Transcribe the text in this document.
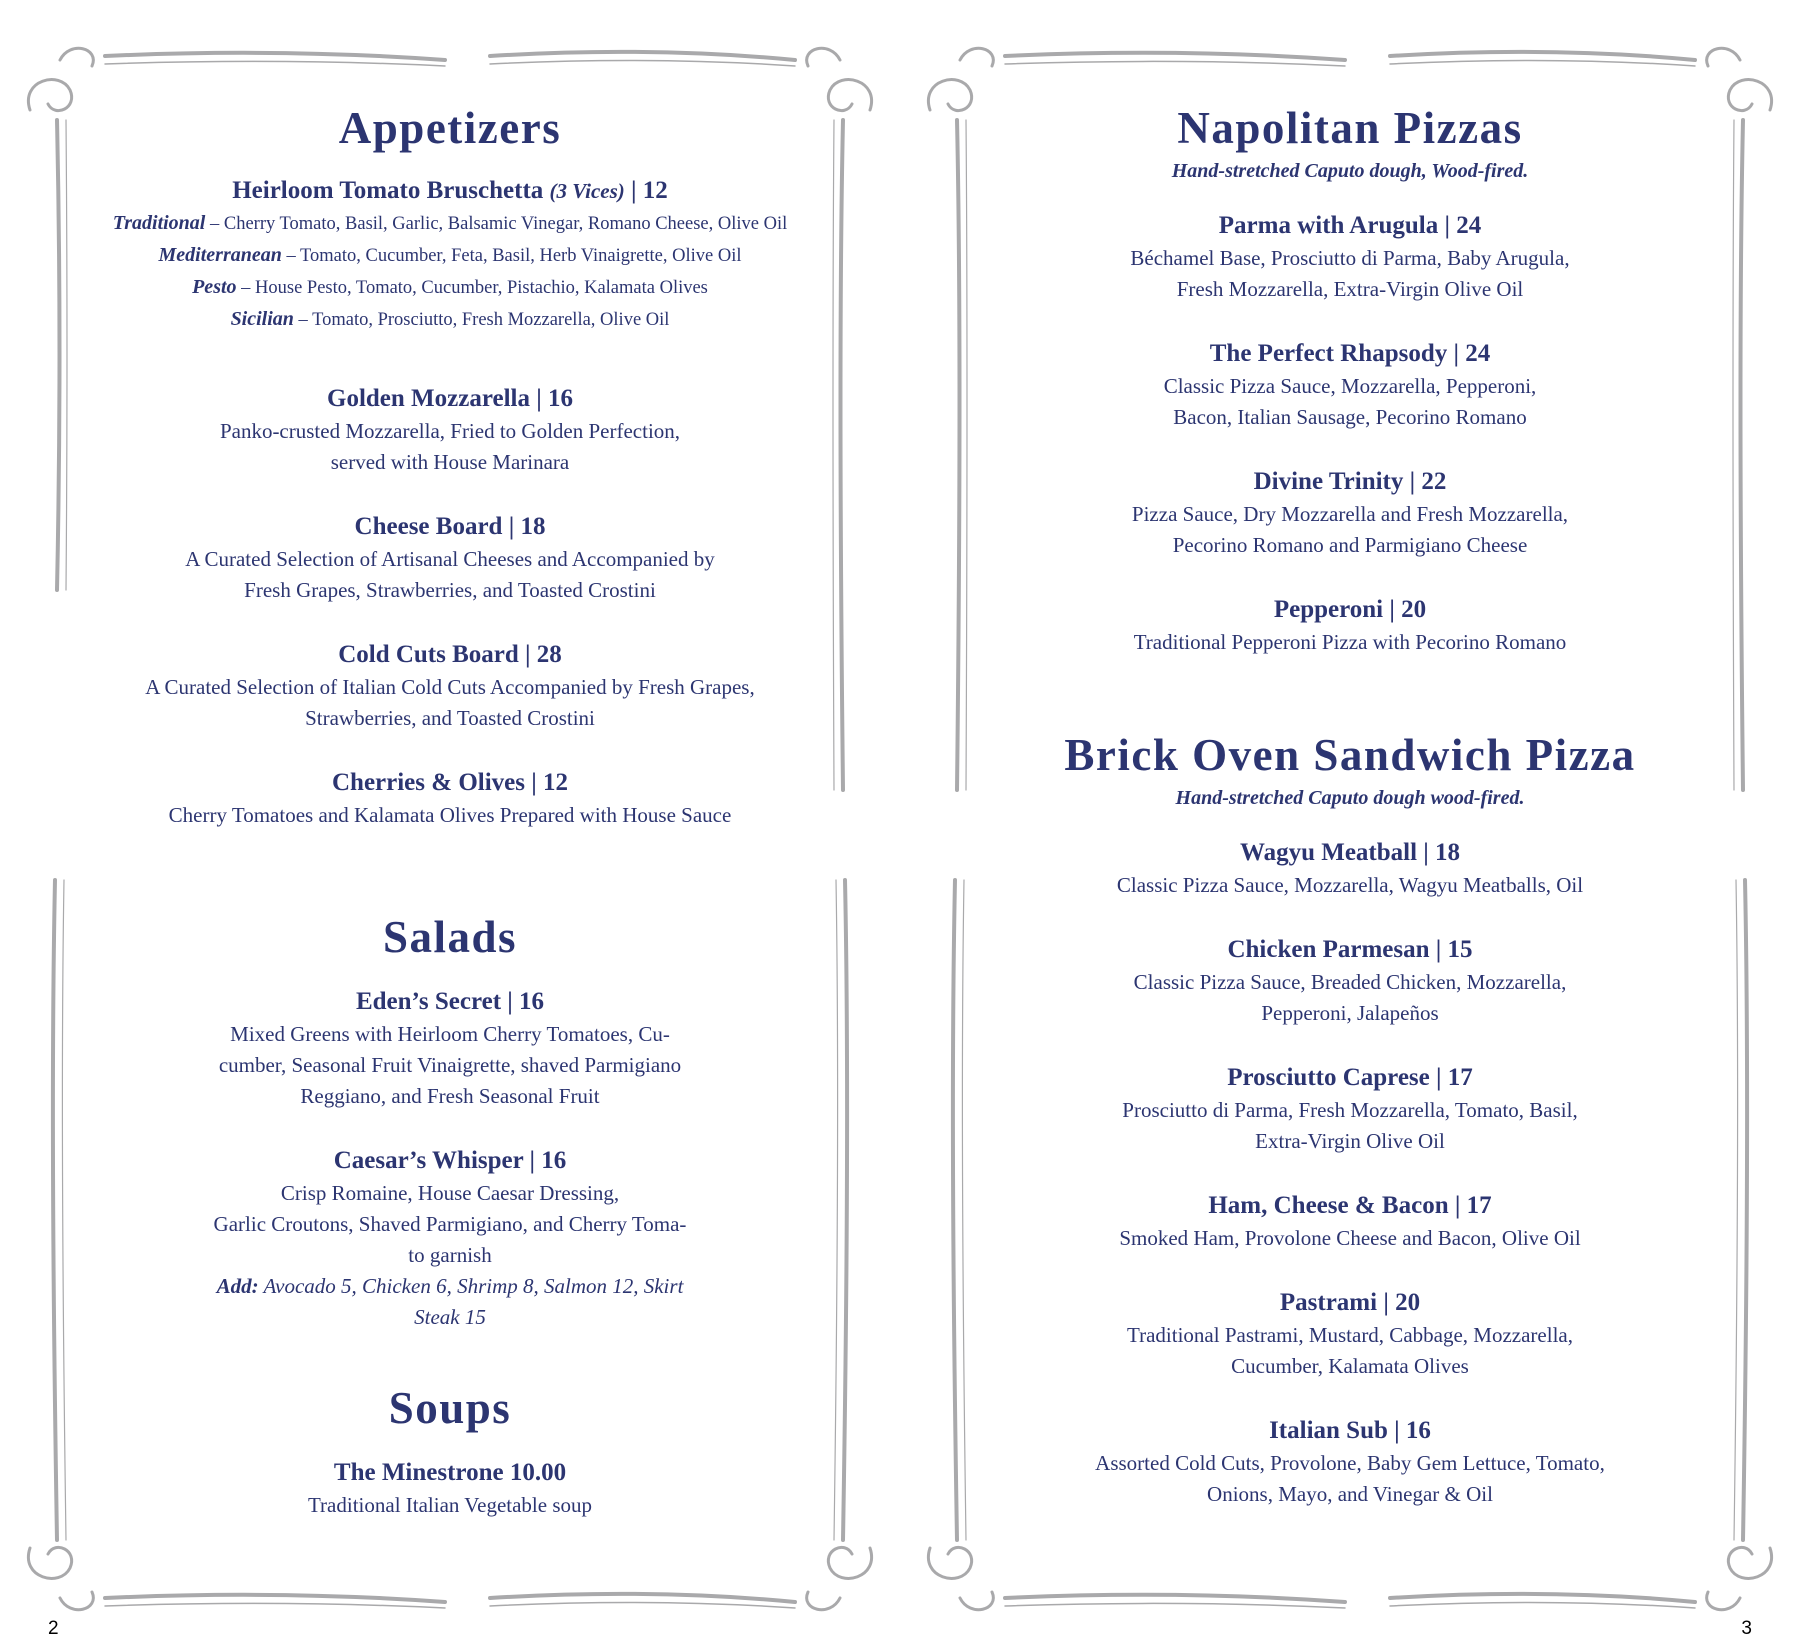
Appetizers
Heirloom Tomato Bruschetta (3 Vices) | 12
Traditional – Cherry Tomato, Basil, Garlic, Balsamic Vinegar, Romano Cheese, Olive Oil
Mediterranean – Tomato, Cucumber, Feta, Basil, Herb Vinaigrette, Olive Oil
Pesto – House Pesto, Tomato, Cucumber, Pistachio, Kalamata Olives
Sicilian – Tomato, Prosciutto, Fresh Mozzarella, Olive Oil
Golden Mozzarella | 16
Panko-crusted Mozzarella, Fried to Golden Perfection,
served with House Marinara
Cheese Board | 18
A Curated Selection of Artisanal Cheeses and Accompanied by
Fresh Grapes, Strawberries, and Toasted Crostini
Cold Cuts Board | 28
A Curated Selection of Italian Cold Cuts Accompanied by Fresh Grapes,
Strawberries, and Toasted Crostini
Cherries & Olives | 12
Cherry Tomatoes and Kalamata Olives Prepared with House Sauce
Salads
Eden’s Secret | 16
Mixed Greens with Heirloom Cherry Tomatoes, Cu-
cumber, Seasonal Fruit Vinaigrette, shaved Parmigiano
Reggiano, and Fresh Seasonal Fruit
Caesar’s Whisper | 16
Crisp Romaine, House Caesar Dressing,
Garlic Croutons, Shaved Parmigiano, and Cherry Toma-
to garnish
Add: Avocado 5, Chicken 6, Shrimp 8, Salmon 12, Skirt
Steak 15
Soups
The Minestrone 10.00
Traditional Italian Vegetable soup
2
Napolitan Pizzas
Hand-stretched Caputo dough, Wood-fired.
Parma with Arugula | 24
Béchamel Base, Prosciutto di Parma, Baby Arugula,
Fresh Mozzarella, Extra-Virgin Olive Oil
The Perfect Rhapsody | 24
Classic Pizza Sauce, Mozzarella, Pepperoni,
Bacon, Italian Sausage, Pecorino Romano
Divine Trinity | 22
Pizza Sauce, Dry Mozzarella and Fresh Mozzarella,
Pecorino Romano and Parmigiano Cheese
Pepperoni | 20
Traditional Pepperoni Pizza with Pecorino Romano
Brick Oven Sandwich Pizza
Hand-stretched Caputo dough wood-fired.
Wagyu Meatball | 18
Classic Pizza Sauce, Mozzarella, Wagyu Meatballs, Oil
Chicken Parmesan | 15
Classic Pizza Sauce, Breaded Chicken, Mozzarella,
Pepperoni, Jalapeños
Prosciutto Caprese | 17
Prosciutto di Parma, Fresh Mozzarella, Tomato, Basil,
Extra-Virgin Olive Oil
Ham, Cheese & Bacon | 17
Smoked Ham, Provolone Cheese and Bacon, Olive Oil
Pastrami | 20
Traditional Pastrami, Mustard, Cabbage, Mozzarella,
Cucumber, Kalamata Olives
Italian Sub | 16
Assorted Cold Cuts, Provolone, Baby Gem Lettuce, Tomato,
Onions, Mayo, and Vinegar & Oil
3
